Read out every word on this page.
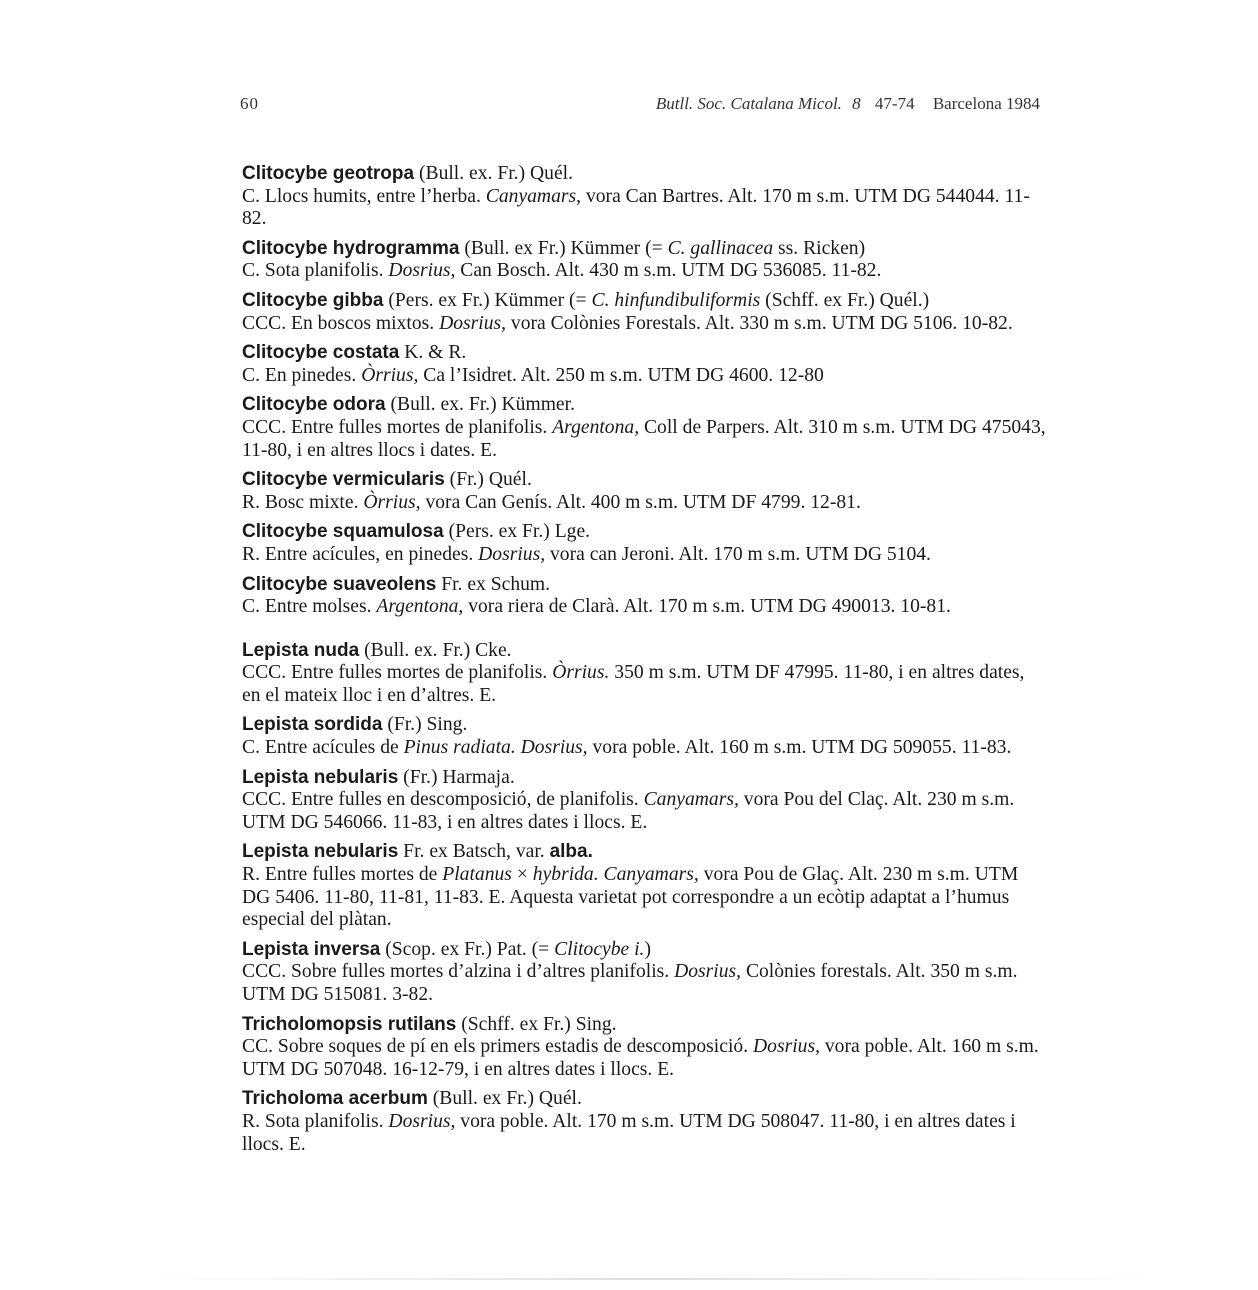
60	Butll. Soc. Catalana Micol. 8 47-74 Barcelona 1984
Clitocybe geotropa (Bull. ex. Fr.) Quél.
C. Llocs humits, entre l’herba. Canyamars, vora Can Bartres. Alt. 170 m s.m. UTM DG 544044. 11-82.
Clitocybe hydrogramma (Bull. ex Fr.) Kümmer (= C. gallinacea ss. Ricken)
C. Sota planifolis. Dosrius, Can Bosch. Alt. 430 m s.m. UTM DG 536085. 11-82.
Clitocybe gibba (Pers. ex Fr.) Kümmer (= C. hinfundibuliformis (Schff. ex Fr.) Quél.)
CCC. En boscos mixtos. Dosrius, vora Colònies Forestals. Alt. 330 m s.m. UTM DG 5106. 10-82.
Clitocybe costata K. & R.
C. En pinedes. Òrrius, Ca l’Isidret. Alt. 250 m s.m. UTM DG 4600. 12-80
Clitocybe odora (Bull. ex. Fr.) Kümmer.
CCC. Entre fulles mortes de planifolis. Argentona, Coll de Parpers. Alt. 310 m s.m. UTM DG 475043, 11-80, i en altres llocs i dates. E.
Clitocybe vermicularis (Fr.) Quél.
R. Bosc mixte. Òrrius, vora Can Genís. Alt. 400 m s.m. UTM DF 4799. 12-81.
Clitocybe squamulosa (Pers. ex Fr.) Lge.
R. Entre acícules, en pinedes. Dosrius, vora can Jeroni. Alt. 170 m s.m. UTM DG 5104.
Clitocybe suaveolens Fr. ex Schum.
C. Entre molses. Argentona, vora riera de Clarà. Alt. 170 m s.m. UTM DG 490013. 10-81.
Lepista nuda (Bull. ex. Fr.) Cke.
CCC. Entre fulles mortes de planifolis. Òrrius. 350 m s.m. UTM DF 47995. 11-80, i en altres dates, en el mateix lloc i en d’altres. E.
Lepista sordida (Fr.) Sing.
C. Entre acícules de Pinus radiata. Dosrius, vora poble. Alt. 160 m s.m. UTM DG 509055. 11-83.
Lepista nebularis (Fr.) Harmaja.
CCC. Entre fulles en descomposició, de planifolis. Canyamars, vora Pou del Claç. Alt. 230 m s.m. UTM DG 546066. 11-83, i en altres dates i llocs. E.
Lepista nebularis Fr. ex Batsch, var. alba.
R. Entre fulles mortes de Platanus × hybrida. Canyamars, vora Pou de Glaç. Alt. 230 m s.m. UTM DG 5406. 11-80, 11-81, 11-83. E. Aquesta varietat pot correspondre a un ecòtip adaptat a l’humus especial del plàtan.
Lepista inversa (Scop. ex Fr.) Pat. (= Clitocybe i.)
CCC. Sobre fulles mortes d’alzina i d’altres planifolis. Dosrius, Colònies forestals. Alt. 350 m s.m. UTM DG 515081. 3-82.
Tricholomopsis rutilans (Schff. ex Fr.) Sing.
CC. Sobre soques de pí en els primers estadis de descomposició. Dosrius, vora poble. Alt. 160 m s.m. UTM DG 507048. 16-12-79, i en altres dates i llocs. E.
Tricholoma acerbum (Bull. ex Fr.) Quél.
R. Sota planifolis. Dosrius, vora poble. Alt. 170 m s.m. UTM DG 508047. 11-80, i en altres dates i llocs. E.
